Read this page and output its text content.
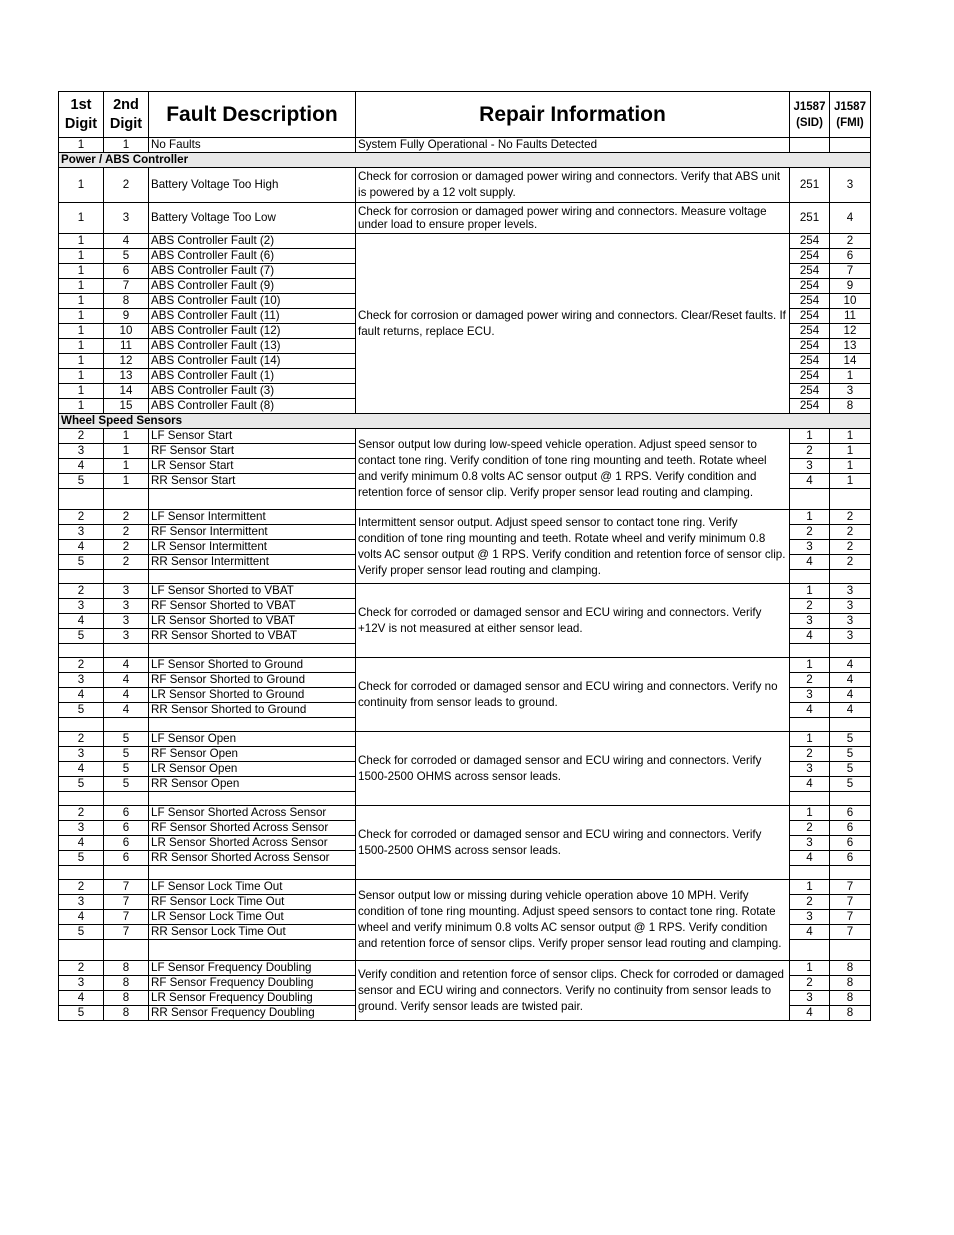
1st Digit	2nd Digit	Fault Description	Repair Information	J1587 (SID)	J1587 (FMI)
1	1	No Faults	System Fully Operational - No Faults Detected		
Power / ABS Controller					
1	2	Battery Voltage Too High	Check for corrosion or damaged power wiring and connectors. Verify that ABS unit is powered by a 12 volt supply.	251	3
1	3	Battery Voltage Too Low	Check for corrosion or damaged power wiring and connectors. Measure voltage under load to ensure proper levels.	251	4
1	4	ABS Controller Fault (2)	Check for corrosion or damaged power wiring and connectors. Clear/Reset faults. If fault returns, replace ECU.	254	2
1	5	ABS Controller Fault (6)		254	6
1	6	ABS Controller Fault (7)		254	7
1	7	ABS Controller Fault (9)		254	9
1	8	ABS Controller Fault (10)		254	10
1	9	ABS Controller Fault (11)		254	11
1	10	ABS Controller Fault (12)		254	12
1	11	ABS Controller Fault (13)		254	13
1	12	ABS Controller Fault (14)		254	14
1	13	ABS Controller Fault (1)		254	1
1	14	ABS Controller Fault (3)		254	3
1	15	ABS Controller Fault (8)		254	8
Wheel Speed Sensors					
2	1	LF Sensor Start	Sensor output low during low-speed vehicle operation. Adjust speed sensor to contact tone ring. Verify condition of tone ring mounting and teeth. Rotate wheel and verify minimum 0.8 volts AC sensor output @ 1 RPS. Verify condition and retention force of sensor clip. Verify proper sensor lead routing and clamping.	1	1
3	1	RF Sensor Start		2	1
4	1	LR Sensor Start		3	1
5	1	RR Sensor Start		4	1

2	2	LF Sensor Intermittent	Intermittent sensor output. Adjust speed sensor to contact tone ring. Verify condition of tone ring mounting and teeth. Rotate wheel and verify minimum 0.8 volts AC sensor output @ 1 RPS. Verify condition and retention force of sensor clip. Verify proper sensor lead routing and clamping.	1	2
3	2	RF Sensor Intermittent		2	2
4	2	LR Sensor Intermittent		3	2
5	2	RR Sensor Intermittent		4	2

2	3	LF Sensor Shorted to VBAT	Check for corroded or damaged sensor and ECU wiring and connectors. Verify +12V is not measured at either sensor lead.	1	3
3	3	RF Sensor Shorted to VBAT		2	3
4	3	LR Sensor Shorted to VBAT		3	3
5	3	RR Sensor Shorted to VBAT		4	3

2	4	LF Sensor Shorted to Ground	Check for corroded or damaged sensor and ECU wiring and connectors. Verify no continuity from sensor leads to ground.	1	4
3	4	RF Sensor Shorted to Ground		2	4
4	4	LR Sensor Shorted to Ground		3	4
5	4	RR Sensor Shorted to Ground		4	4

2	5	LF Sensor Open	Check for corroded or damaged sensor and ECU wiring and connectors. Verify 1500-2500 OHMS across sensor leads.	1	5
3	5	RF Sensor Open		2	5
4	5	LR Sensor Open		3	5
5	5	RR Sensor Open		4	5

2	6	LF Sensor Shorted Across Sensor	Check for corroded or damaged sensor and ECU wiring and connectors. Verify 1500-2500 OHMS across sensor leads.	1	6
3	6	RF Sensor Shorted Across Sensor		2	6
4	6	LR Sensor Shorted Across Sensor		3	6
5	6	RR Sensor Shorted Across Sensor		4	6

2	7	LF Sensor Lock Time Out	Sensor output low or missing during vehicle operation above 10 MPH. Verify condition of tone ring mounting. Adjust speed sensors to contact tone ring. Rotate wheel and verify minimum 0.8 volts AC sensor output @ 1 RPS. Verify condition and retention force of sensor clips. Verify proper sensor lead routing and clamping.	1	7
3	7	RF Sensor Lock Time Out		2	7
4	7	LR Sensor Lock Time Out		3	7
5	7	RR Sensor Lock Time Out		4	7

2	8	LF Sensor Frequency Doubling	Verify condition and retention force of sensor clips. Check for corroded or damaged sensor and ECU wiring and connectors. Verify no continuity from sensor leads to ground. Verify sensor leads are twisted pair.	1	8
3	8	RF Sensor Frequency Doubling		2	8
4	8	LR Sensor Frequency Doubling		3	8
5	8	RR Sensor Frequency Doubling		4	8
